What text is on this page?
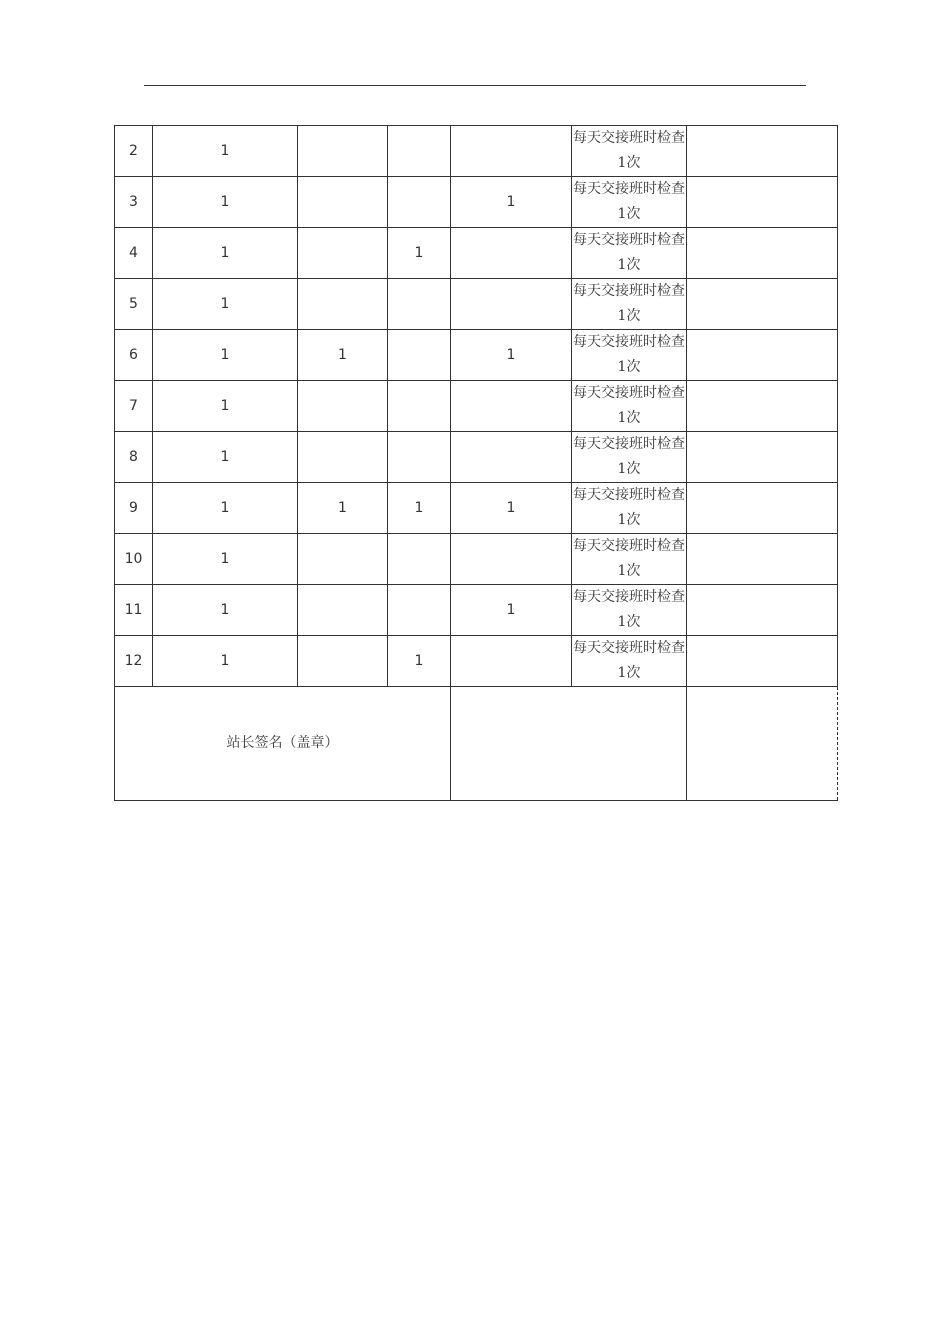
2	1				每天交接班时检查1次	
3	1			1	每天交接班时检查1次	
4	1		1		每天交接班时检查1次	
5	1				每天交接班时检查1次	
6	1	1		1	每天交接班时检查1次	
7	1				每天交接班时检查1次	
8	1				每天交接班时检查1次	
9	1	1	1	1	每天交接班时检查1次	
10	1				每天交接班时检查1次	
11	1			1	每天交接班时检查1次	
12	1		1		每天交接班时检查1次	
站长签名（盖章）						
